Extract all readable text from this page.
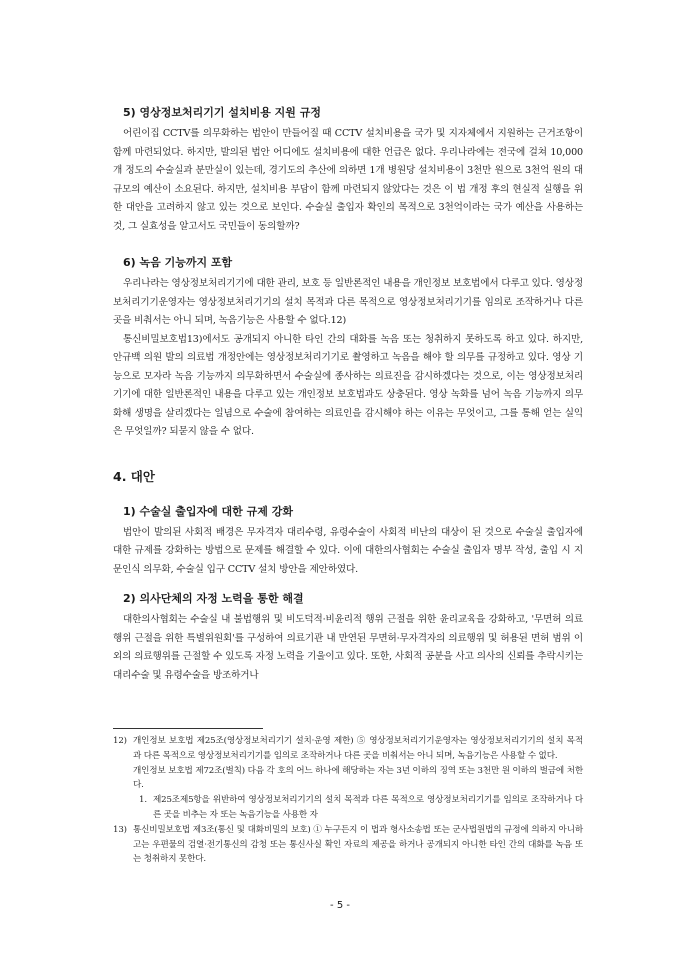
5) 영상정보처리기기 설치비용 지원 규정

어린이집 CCTV를 의무화하는 법안이 만들어질 때 CCTV 설치비용을 국가 및 지자체에서 지원하는 근거조항이 함께 마련되었다. 하지만, 발의된 법안 어디에도 설치비용에 대한 언급은 없다. 우리나라에는 전국에 걸쳐 10,000개 정도의 수술실과 분만실이 있는데, 경기도의 추산에 의하면 1개 병원당 설치비용이 3천만 원으로 3천억 원의 대규모의 예산이 소요된다. 하지만, 설치비용 부담이 함께 마련되지 않았다는 것은 이 법 개정 후의 현실적 실행을 위한 대안을 고려하지 않고 있는 것으로 보인다. 수술실 출입자 확인의 목적으로 3천억이라는 국가 예산을 사용하는 것, 그 실효성을 알고서도 국민들이 동의할까?

6) 녹음 기능까지 포함

우리나라는 영상정보처리기기에 대한 관리, 보호 등 일반론적인 내용을 개인정보 보호법에서 다루고 있다. 영상정보처리기기운영자는 영상정보처리기기의 설치 목적과 다른 목적으로 영상정보처리기기를 임의로 조작하거나 다른 곳을 비춰서는 아니 되며, 녹음기능은 사용할 수 없다.12)

통신비밀보호법13)에서도 공개되지 아니한 타인 간의 대화를 녹음 또는 청취하지 못하도록 하고 있다. 하지만, 안규백 의원 발의 의료법 개정안에는 영상정보처리기기로 촬영하고 녹음을 해야 할 의무를 규정하고 있다. 영상 기능으로 모자라 녹음 기능까지 의무화하면서 수술실에 종사하는 의료진을 감시하겠다는 것으로, 이는 영상정보처리기기에 대한 일반론적인 내용을 다루고 있는 개인정보 보호법과도 상충된다. 영상 녹화를 넘어 녹음 기능까지 의무화해 생명을 살리겠다는 일념으로 수술에 참여하는 의료인을 감시해야 하는 이유는 무엇이고, 그를 통해 얻는 실익은 무엇일까? 되묻지 않을 수 없다.

4. 대안
1) 수술실 출입자에 대한 규제 강화

법안이 발의된 사회적 배경은 무자격자 대리수령, 유령수술이 사회적 비난의 대상이 된 것으로 수술실 출입자에 대한 규제를 강화하는 방법으로 문제를 해결할 수 있다. 이에 대한의사협회는 수술실 출입자 명부 작성, 출입 시 지문인식 의무화, 수술실 입구 CCTV 설치 방안을 제안하였다.

2) 의사단체의 자정 노력을 통한 해결

대한의사협회는 수술실 내 불법행위 및 비도덕적·비윤리적 행위 근절을 위한 윤리교육을 강화하고, '무면허 의료행위 근절을 위한 특별위원회'를 구성하여 의료기관 내 만연된 무면허·무자격자의 의료행위 및 허용된 면허 범위 이외의 의료행위를 근절할 수 있도록 자정 노력을 기울이고 있다. 또한, 사회적 공분을 사고 의사의 신뢰를 추락시키는 대리수술 및 유령수술을 방조하거나

12) 개인정보 보호법 제25조(영상정보처리기기 설치·운영 제한) ⑤ 영상정보처리기기운영자는 영상정보처리기기의 설치 목적과 다른 목적으로 영상정보처리기기를 임의로 조작하거나 다른 곳을 비춰서는 아니 되며, 녹음기능은 사용할 수 없다.
개인정보 보호법 제72조(벌칙) 다음 각 호의 어느 하나에 해당하는 자는 3년 이하의 징역 또는 3천만 원 이하의 벌금에 처한다.
1. 제25조제5항을 위반하여 영상정보처리기기의 설치 목적과 다른 목적으로 영상정보처리기기를 임의로 조작하거나 다른 곳을 비추는 자 또는 녹음기능을 사용한 자
13) 통신비밀보호법 제3조(통신 및 대화비밀의 보호) ① 누구든지 이 법과 형사소송법 또는 군사법원법의 규정에 의하지 아니하고는 우편물의 검열·전기통신의 감청 또는 통신사실 확인 자료의 제공을 하거나 공개되지 아니한 타인 간의 대화를 녹음 또는 청취하지 못한다.
- 5 -
